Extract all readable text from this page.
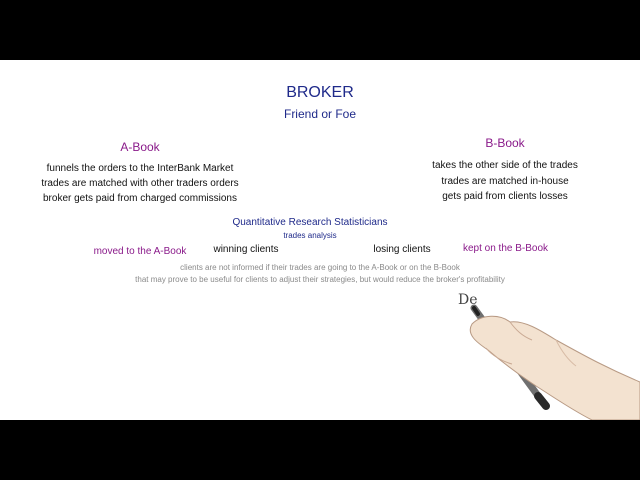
BROKER
Friend or Foe
A-Book
funnels the orders to the InterBank Market
trades are matched with other traders orders
broker gets paid from charged commissions
B-Book
takes the other side of the trades
trades are matched in-house
gets paid from clients losses
Quantitative Research Statisticians
trades analysis
moved to the A-Book	winning clients	losing clients	kept on the B-Book
clients are not informed if their trades are going to the A-Book or on the B-Book
that may prove to be useful for clients to adjust their strategies, but would reduce the broker's profitability
De
